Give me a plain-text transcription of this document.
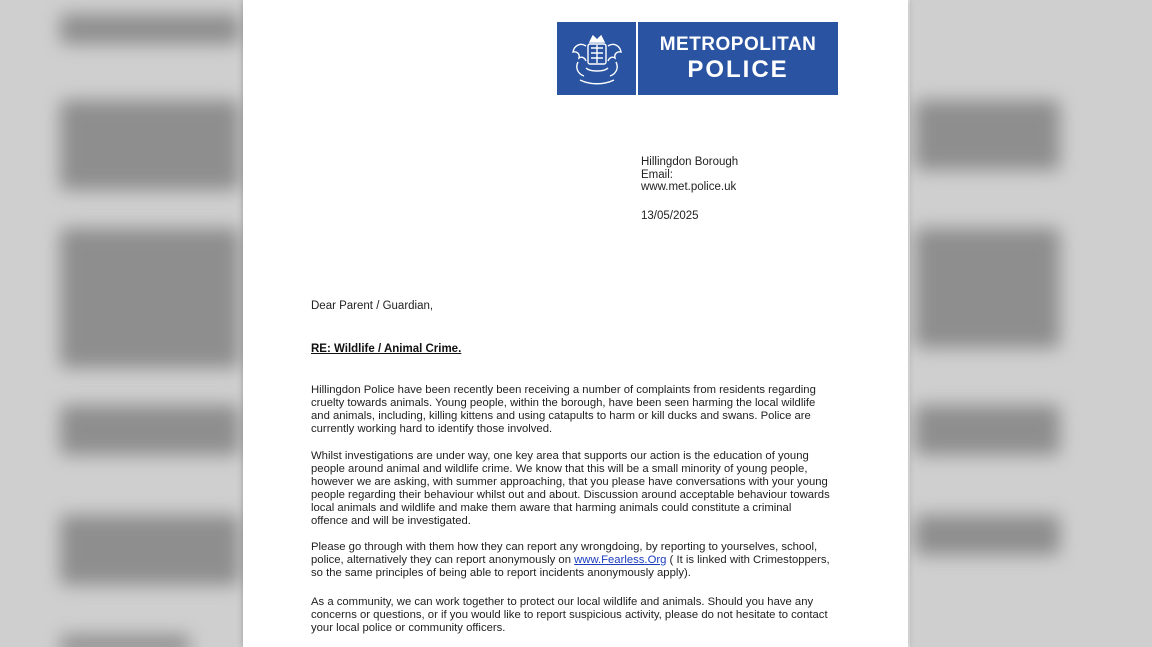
METROPOLITAN
POLICE
Hillingdon Borough
Email:
www.met.police.uk
13/05/2025
Dear Parent / Guardian,
RE: Wildlife / Animal Crime.

Hillingdon Police have been recently been receiving a number of complaints from residents regarding cruelty towards animals. Young people, within the borough, have been seen harming the local wildlife and animals, including, killing kittens and using catapults to harm or kill ducks and swans. Police are currently working hard to identify those involved.

Whilst investigations are under way, one key area that supports our action is the education of young people around animal and wildlife crime. We know that this will be a small minority of young people, however we are asking, with summer approaching, that you please have conversations with your young people regarding their behaviour whilst out and about. Discussion around acceptable behaviour towards local animals and wildlife and make them aware that harming animals could constitute a criminal offence and will be investigated.

Please go through with them how they can report any wrongdoing, by reporting to yourselves, school, police, alternatively they can report anonymously on www.Fearless.Org ( It is linked with Crimestoppers, so the same principles of being able to report incidents anonymously apply).

As a community, we can work together to protect our local wildlife and animals. Should you have any concerns or questions, or if you would like to report suspicious activity, please do not hesitate to contact your local police or community officers.
